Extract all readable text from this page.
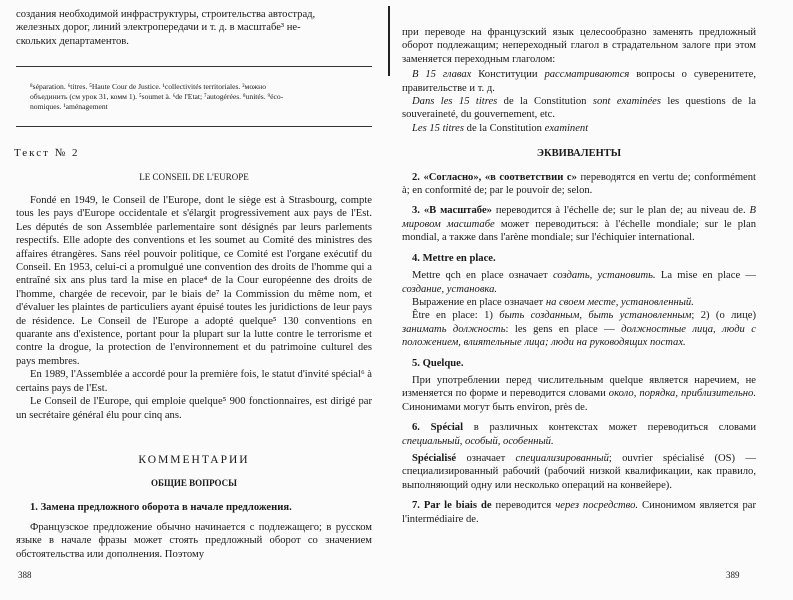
создания необходимой инфраструктуры, строительства автострад,
железных дорог, линий электропередачи и т. д. в масштабе³ не-
скольких департаментов.
⁸séparation. ⁶titres. ⁵Haute Cour de Justice. ¹collectivités territoriales. ²можно
объединить (см урок 31, комм 1). ⁵soumet à. ⁶de l'Etat; ⁷autogérées. ⁸unités. ⁹éco-
nomiques. ¹aménagement
Текст № 2
LE CONSEIL DE L'EUROPE

Fondé en 1949, le Conseil de l'Europe, dont le siège est à Strasbourg, compte tous les pays d'Europe occidentale et s'élargit progressivement aux pays de l'Est. Les députés de son Assemblée parlementaire sont désignés par leurs parlements respectifs. Elle adopte des conventions et les soumet au Comité des ministres des affaires étrangères. Sans réel pouvoir politique, ce Comité est l'organe exécutif du Conseil. En 1953, celui-ci a promulgué une convention des droits de l'homme qui a entraîné six ans plus tard la mise en place⁴ de la Cour européenne des droits de l'homme, chargée de recevoir, par le biais de⁷ la Commission du même nom, et d'évaluer les plaintes de particuliers ayant épuisé toutes les juridictions de leur pays de résidence. Le Conseil de l'Europe a adopté quelque⁵ 130 conventions en quarante ans d'existence, portant pour la plupart sur la lutte contre le terrorisme et contre la drogue, la protection de l'environnement et du patrimoine culturel des pays membres.

En 1989, l'Assemblée a accordé pour la première fois, le statut d'invité spécial⁶ à certains pays de l'Est.

Le Conseil de l'Europe, qui emploie quelque⁵ 900 fonctionnaires, est dirigé par un secrétaire général élu pour cinq ans.

КОММЕНТАРИИ
ОБЩИЕ ВОПРОСЫ
1. Замена предложного оборота в начале предложения.

Французское предложение обычно начинается с подлежащего; в русском языке в начале фразы может стоять предложный оборот со значением обстоятельства или дополнения. Поэтому

388

при переводе на французский язык целесообразно заменять предложный оборот подлежащим; непереходный глагол в страдательном залоге при этом заменяется переходным глаголом:

В 15 главах Конституции рассматриваются вопросы о суверенитете, правительстве и т. д.

Dans les 15 titres de la Constitution sont examinées les questions de la souveraineté, du gouvernement, etc.

Les 15 titres de la Constitution examinent

ЭКВИВАЛЕНТЫ

2. «Согласно», «в соответствии с» переводятся en vertu de; conformément à; en conformité de; par le pouvoir de; selon.

3. «В масштабе» переводится à l'échelle de; sur le plan de; au niveau de. В мировом масштабе может переводиться: à l'échelle mondiale; sur le plan mondial, а также dans l'arène mondiale; sur l'échiquier international.

4. Mettre en place.

Mettre qch en place означает создать, установить. La mise en place — создание, установка.

Выражение en place означает на своем месте, установленный.

Être en place: 1) быть созданным, быть установленным; 2) (о лице) занимать должность: les gens en place — должностные лица, люди с положением, влиятельные лица; люди на руководящих постах.

5. Quelque.

При употреблении перед числительным quelque является наречием, не изменяется по форме и переводится словами около, порядка, приблизительно. Синонимами могут быть environ, près de.

6. Spécial в различных контекстах может переводиться словами специальный, особый, особенный.

Spécialisé означает специализированный; ouvrier spécialisé (OS) — специализированный рабочий (рабочий низкой квалификации, как правило, выполняющий одну или несколько операций на конвейере).

7. Par le biais de переводится через посредство. Синонимом является par l'intermédiaire de.

389
